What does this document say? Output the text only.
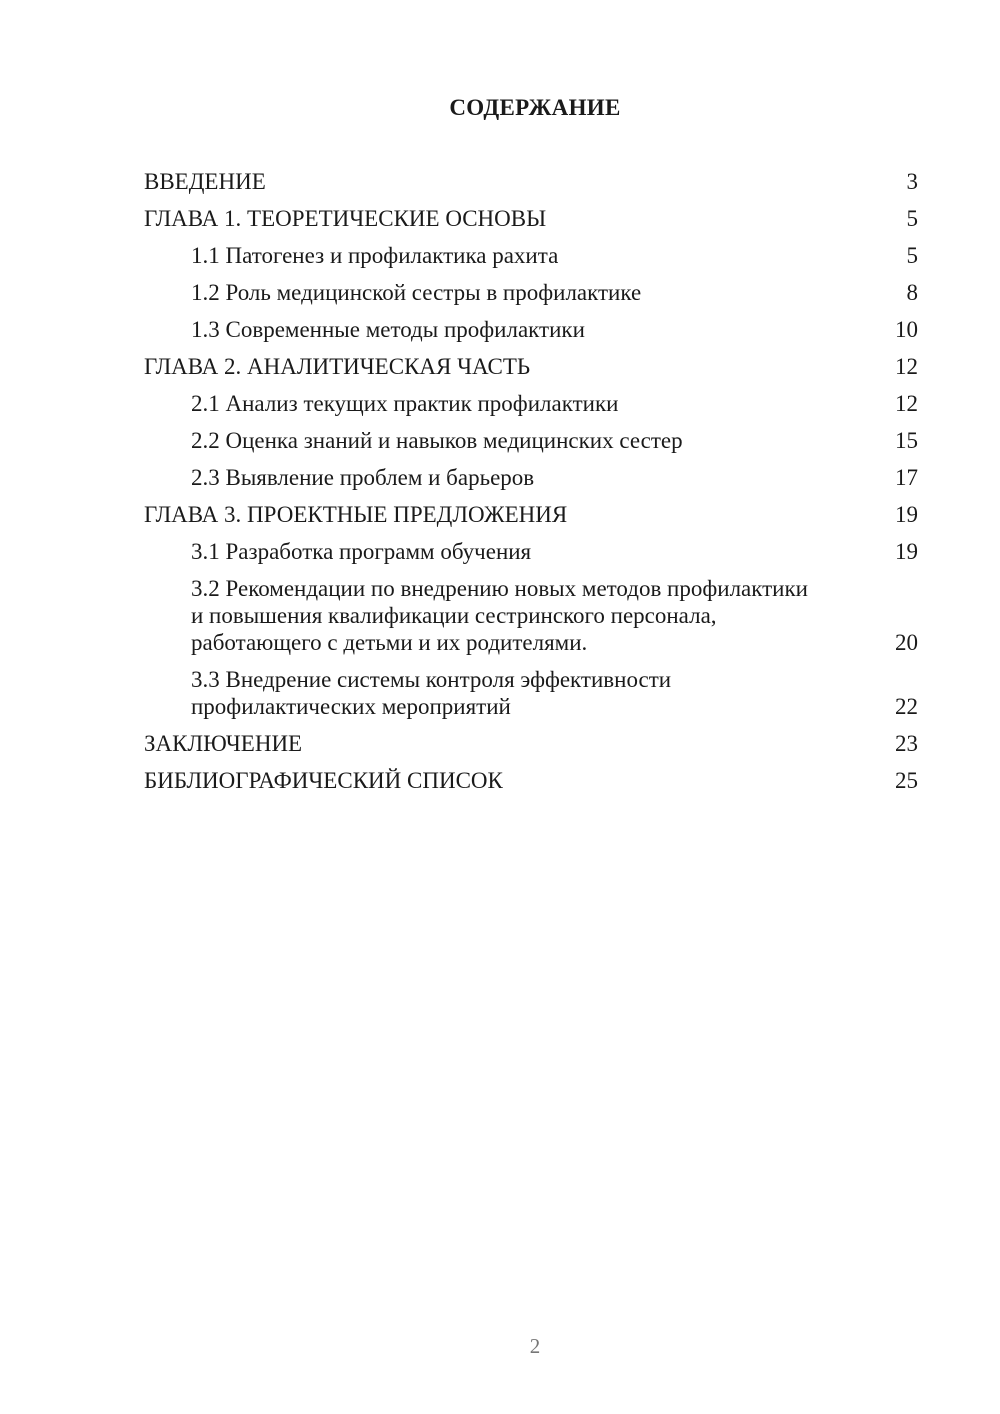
СОДЕРЖАНИЕ
ВВЕДЕНИЕ	3
ГЛАВА 1. ТЕОРЕТИЧЕСКИЕ ОСНОВЫ	5
1.1 Патогенез и профилактика рахита	5
1.2 Роль медицинской сестры в профилактике	8
1.3 Современные методы профилактики	10
ГЛАВА 2. АНАЛИТИЧЕСКАЯ ЧАСТЬ	12
2.1 Анализ текущих практик профилактики	12
2.2 Оценка знаний и навыков медицинских сестер	15
2.3 Выявление проблем и барьеров	17
ГЛАВА 3. ПРОЕКТНЫЕ ПРЕДЛОЖЕНИЯ	19
3.1 Разработка программ обучения	19
3.2 Рекомендации по внедрению новых методов профилактики и повышения квалификации сестринского персонала, работающего с детьми и их родителями.	20
3.3 Внедрение системы контроля эффективности профилактических мероприятий	22
ЗАКЛЮЧЕНИЕ	23
БИБЛИОГРАФИЧЕСКИЙ СПИСОК	25
2
